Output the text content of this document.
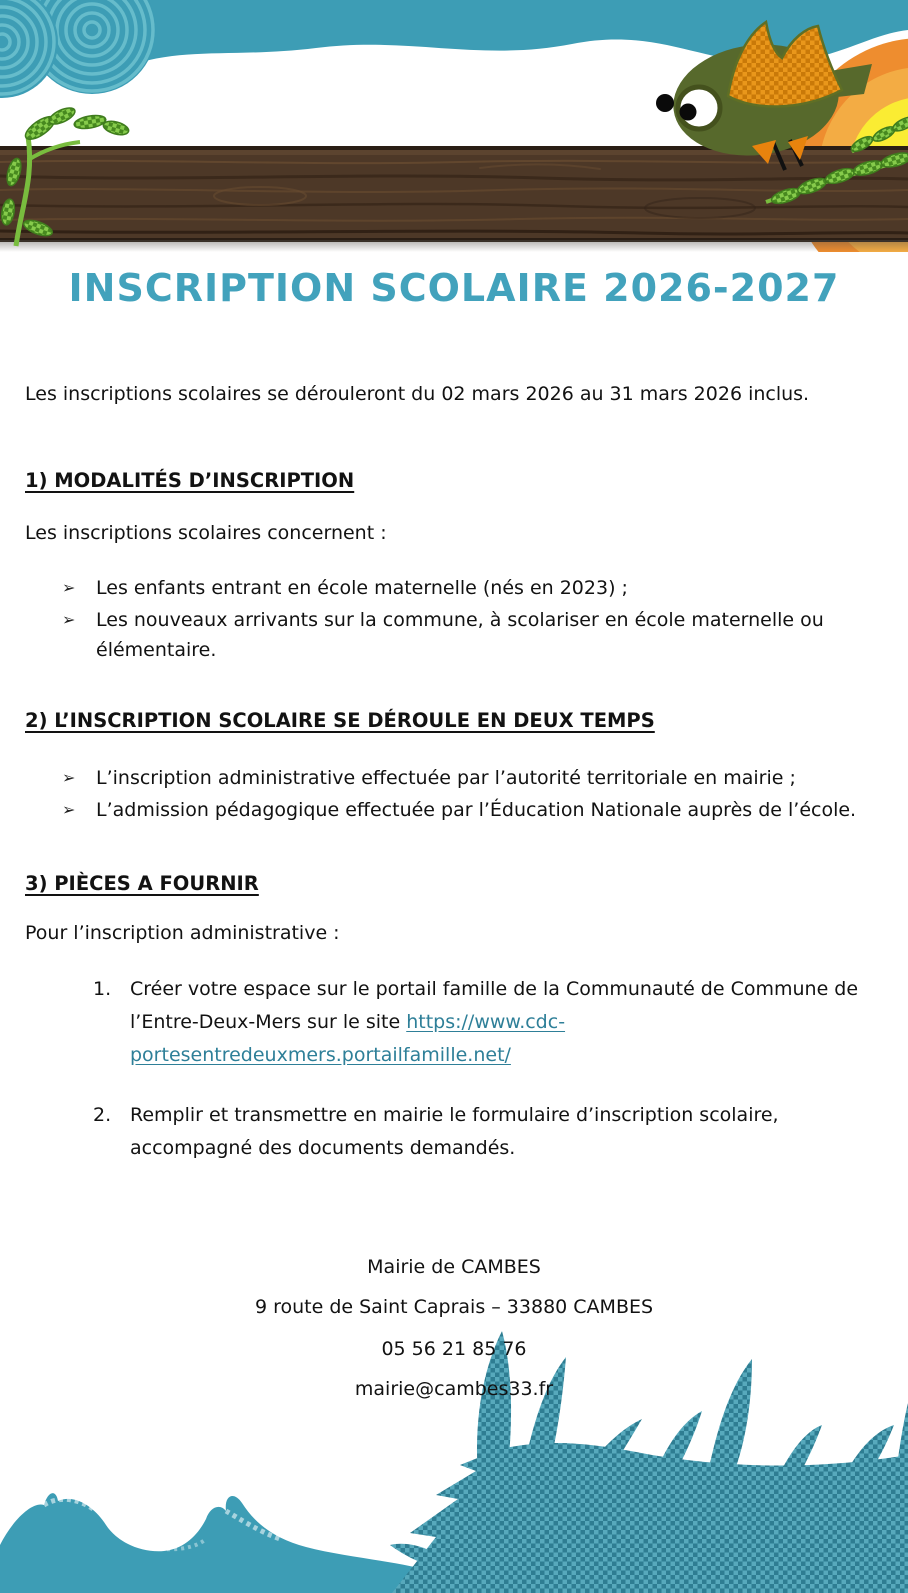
INSCRIPTION SCOLAIRE 2026-2027
Les inscriptions scolaires se dérouleront du 02 mars 2026 au 31 mars 2026 inclus.
1) MODALITÉS D’INSCRIPTION
Les inscriptions scolaires concernent :
➢	Les enfants entrant en école maternelle (nés en 2023) ;
➢	Les nouveaux arrivants sur la commune, à scolariser en école maternelle ou élémentaire.
2) L’INSCRIPTION SCOLAIRE SE DÉROULE EN DEUX TEMPS
➢	L’inscription administrative effectuée par l’autorité territoriale en mairie ;
➢	L’admission pédagogique effectuée par l’Éducation Nationale auprès de l’école.
3) PIÈCES A FOURNIR
Pour l’inscription administrative :
1. Créer votre espace sur le portail famille de la Communauté de Commune de l’Entre-Deux-Mers sur le site https://www.cdc-portesentredeuxmers.portailfamille.net/
2. Remplir et transmettre en mairie le formulaire d’inscription scolaire, accompagné des documents demandés.
Mairie de CAMBES
9 route de Saint Caprais – 33880 CAMBES
05 56 21 85 76
mairie@cambes33.fr
